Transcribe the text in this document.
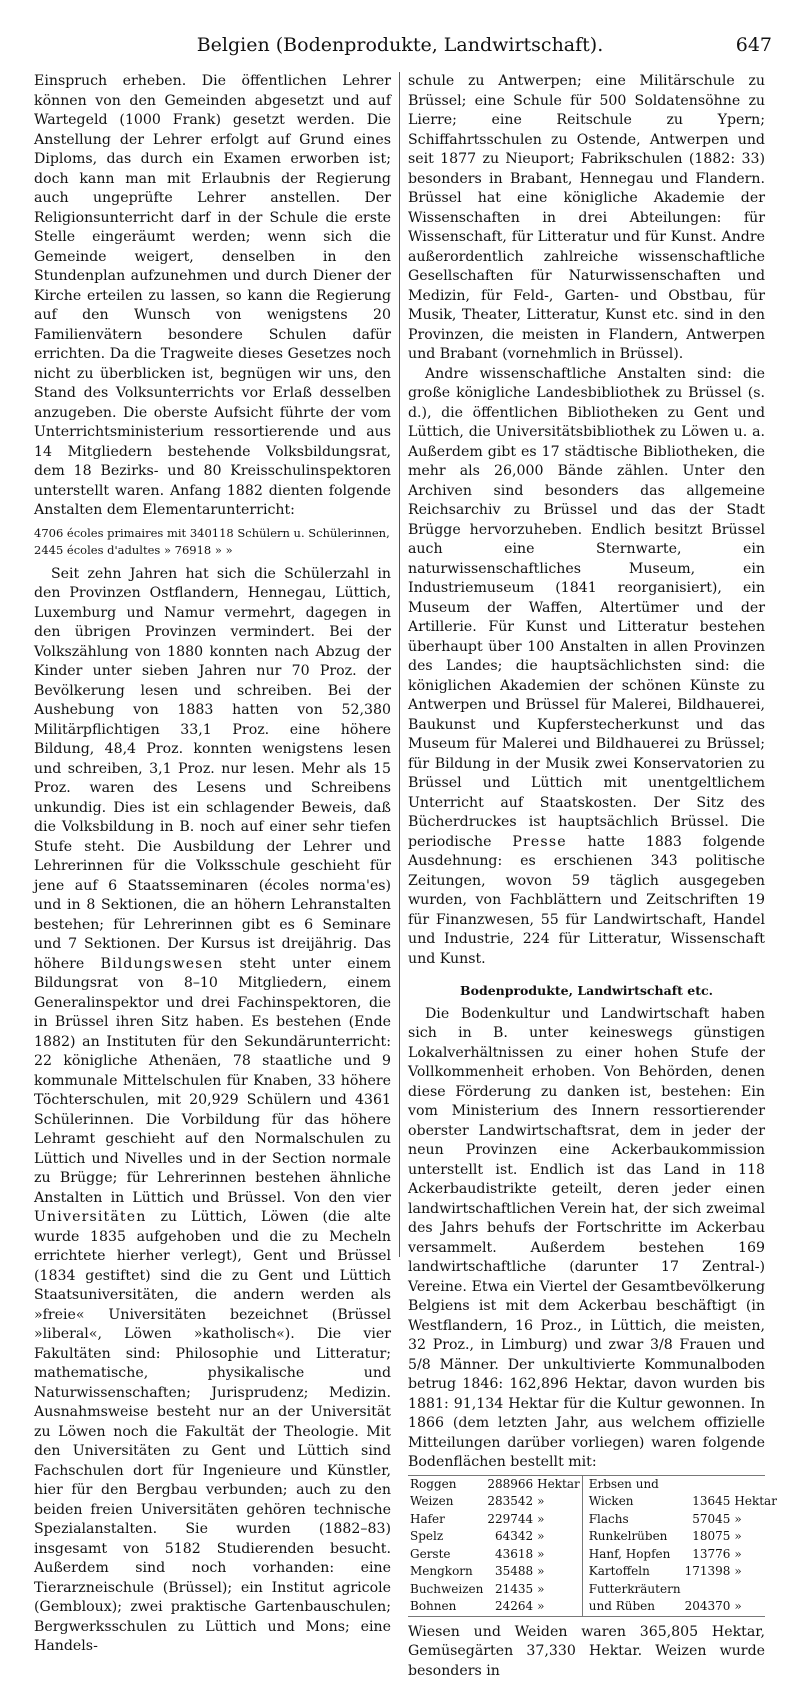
Belgien (Bodenprodukte, Landwirtschaft).	647

Einspruch erheben. Die öffentlichen Lehrer können von den Gemeinden abgesetzt und auf Wartegeld (1000 Frank) gesetzt werden. Die Anstellung der Lehrer erfolgt auf Grund eines Diploms, das durch ein Examen erworben ist; doch kann man mit Erlaubnis der Regierung auch ungeprüfte Lehrer anstellen. Der Religionsunterricht darf in der Schule die erste Stelle eingeräumt werden; wenn sich die Gemeinde weigert, denselben in den Stundenplan aufzunehmen und durch Diener der Kirche erteilen zu lassen, so kann die Regierung auf den Wunsch von wenigstens 20 Familienvätern besondere Schulen dafür errichten. Da die Tragweite dieses Gesetzes noch nicht zu überblicken ist, begnügen wir uns, den Stand des Volksunterrichts vor Erlaß desselben anzugeben. Die oberste Aufsicht führte der vom Unterrichtsministerium ressortierende und aus 14 Mitgliedern bestehende Volksbildungsrat, dem 18 Bezirks- und 80 Kreisschulinspektoren unterstellt waren. Anfang 1882 dienten folgende Anstalten dem Elementarunterricht:

4706 écoles primaires mit 340118 Schülern u. Schülerinnen,
2445 écoles d'adultes » 76918 » »

Seit zehn Jahren hat sich die Schülerzahl in den Provinzen Ostflandern, Hennegau, Lüttich, Luxemburg und Namur vermehrt, dagegen in den übrigen Provinzen vermindert. Bei der Volkszählung von 1880 konnten nach Abzug der Kinder unter sieben Jahren nur 70 Proz. der Bevölkerung lesen und schreiben. Bei der Aushebung von 1883 hatten von 52,380 Militärpflichtigen 33,1 Proz. eine höhere Bildung, 48,4 Proz. konnten wenigstens lesen und schreiben, 3,1 Proz. nur lesen. Mehr als 15 Proz. waren des Lesens und Schreibens unkundig. Dies ist ein schlagender Beweis, daß die Volksbildung in B. noch auf einer sehr tiefen Stufe steht. Die Ausbildung der Lehrer und Lehrerinnen für die Volksschule geschieht für jene auf 6 Staatsseminaren (écoles norma'es) und in 8 Sektionen, die an höhern Lehranstalten bestehen; für Lehrerinnen gibt es 6 Seminare und 7 Sektionen. Der Kursus ist dreijährig. Das höhere Bildungswesen steht unter einem Bildungsrat von 8–10 Mitgliedern, einem Generalinspektor und drei Fachinspektoren, die in Brüssel ihren Sitz haben. Es bestehen (Ende 1882) an Instituten für den Sekundärunterricht: 22 königliche Athenäen, 78 staatliche und 9 kommunale Mittelschulen für Knaben, 33 höhere Töchterschulen, mit 20,929 Schülern und 4361 Schülerinnen. Die Vorbildung für das höhere Lehramt geschieht auf den Normalschulen zu Lüttich und Nivelles und in der Section normale zu Brügge; für Lehrerinnen bestehen ähnliche Anstalten in Lüttich und Brüssel. Von den vier Universitäten zu Lüttich, Löwen (die alte wurde 1835 aufgehoben und die zu Mecheln errichtete hierher verlegt), Gent und Brüssel (1834 gestiftet) sind die zu Gent und Lüttich Staatsuniversitäten, die andern werden als »freie« Universitäten bezeichnet (Brüssel »liberal«, Löwen »katholisch«). Die vier Fakultäten sind: Philosophie und Litteratur; mathematische, physikalische und Naturwissenschaften; Jurisprudenz; Medizin. Ausnahmsweise besteht nur an der Universität zu Löwen noch die Fakultät der Theologie. Mit den Universitäten zu Gent und Lüttich sind Fachschulen dort für Ingenieure und Künstler, hier für den Bergbau verbunden; auch zu den beiden freien Universitäten gehören technische Spezialanstalten. Sie wurden (1882–83) insgesamt von 5182 Studierenden besucht. Außerdem sind noch vorhanden: eine Tierarzneischule (Brüssel); ein Institut agricole (Gembloux); zwei praktische Gartenbauschulen; Bergwerksschulen zu Lüttich und Mons; eine Handels-

schule zu Antwerpen; eine Militärschule zu Brüssel; eine Schule für 500 Soldatensöhne zu Lierre; eine Reitschule zu Ypern; Schiffahrtsschulen zu Ostende, Antwerpen und seit 1877 zu Nieuport; Fabrikschulen (1882: 33) besonders in Brabant, Hennegau und Flandern. Brüssel hat eine königliche Akademie der Wissenschaften in drei Abteilungen: für Wissenschaft, für Litteratur und für Kunst. Andre außerordentlich zahlreiche wissenschaftliche Gesellschaften für Naturwissenschaften und Medizin, für Feld-, Garten- und Obstbau, für Musik, Theater, Litteratur, Kunst etc. sind in den Provinzen, die meisten in Flandern, Antwerpen und Brabant (vornehmlich in Brüssel).

Andre wissenschaftliche Anstalten sind: die große königliche Landesbibliothek zu Brüssel (s. d.), die öffentlichen Bibliotheken zu Gent und Lüttich, die Universitätsbibliothek zu Löwen u. a. Außerdem gibt es 17 städtische Bibliotheken, die mehr als 26,000 Bände zählen. Unter den Archiven sind besonders das allgemeine Reichsarchiv zu Brüssel und das der Stadt Brügge hervorzuheben. Endlich besitzt Brüssel auch eine Sternwarte, ein naturwissenschaftliches Museum, ein Industriemuseum (1841 reorganisiert), ein Museum der Waffen, Altertümer und der Artillerie. Für Kunst und Litteratur bestehen überhaupt über 100 Anstalten in allen Provinzen des Landes; die hauptsächlichsten sind: die königlichen Akademien der schönen Künste zu Antwerpen und Brüssel für Malerei, Bildhauerei, Baukunst und Kupferstecherkunst und das Museum für Malerei und Bildhauerei zu Brüssel; für Bildung in der Musik zwei Konservatorien zu Brüssel und Lüttich mit unentgeltlichem Unterricht auf Staatskosten. Der Sitz des Bücherdruckes ist hauptsächlich Brüssel. Die periodische Presse hatte 1883 folgende Ausdehnung: es erschienen 343 politische Zeitungen, wovon 59 täglich ausgegeben wurden, von Fachblättern und Zeitschriften 19 für Finanzwesen, 55 für Landwirtschaft, Handel und Industrie, 224 für Litteratur, Wissenschaft und Kunst.

Bodenprodukte, Landwirtschaft etc.

Die Bodenkultur und Landwirtschaft haben sich in B. unter keineswegs günstigen Lokalverhältnissen zu einer hohen Stufe der Vollkommenheit erhoben. Von Behörden, denen diese Förderung zu danken ist, bestehen: Ein vom Ministerium des Innern ressortierender oberster Landwirtschaftsrat, dem in jeder der neun Provinzen eine Ackerbaukommission unterstellt ist. Endlich ist das Land in 118 Ackerbaudistrikte geteilt, deren jeder einen landwirtschaftlichen Verein hat, der sich zweimal des Jahrs behufs der Fortschritte im Ackerbau versammelt. Außerdem bestehen 169 landwirtschaftliche (darunter 17 Zentral-) Vereine. Etwa ein Viertel der Gesamtbevölkerung Belgiens ist mit dem Ackerbau beschäftigt (in Westflandern, 16 Proz., in Lüttich, die meisten, 32 Proz., in Limburg) und zwar 3/8 Frauen und 5/8 Männer. Der unkultivierte Kommunalboden betrug 1846: 162,896 Hektar, davon wurden bis 1881: 91,134 Hektar für die Kultur gewonnen. In 1866 (dem letzten Jahr, aus welchem offizielle Mitteilungen darüber vorliegen) waren folgende Bodenflächen bestellt mit:

Roggen	288966	Hektar	Erbsen und		
Weizen	283542	»	Wicken	13645	Hektar
Hafer	229744	»	Flachs	57045	»
Spelz	64342	»	Runkelrüben	18075	»
Gerste	43618	»	Hanf, Hopfen	13776	»
Mengkorn	35488	»	Kartoffeln	171398	»
Buchweizen	21435	»	Futterkräutern		
Bohnen	24264	»	und Rüben	204370	»

Wiesen und Weiden waren 365,805 Hektar, Gemüsegärten 37,330 Hektar. Weizen wurde besonders in
